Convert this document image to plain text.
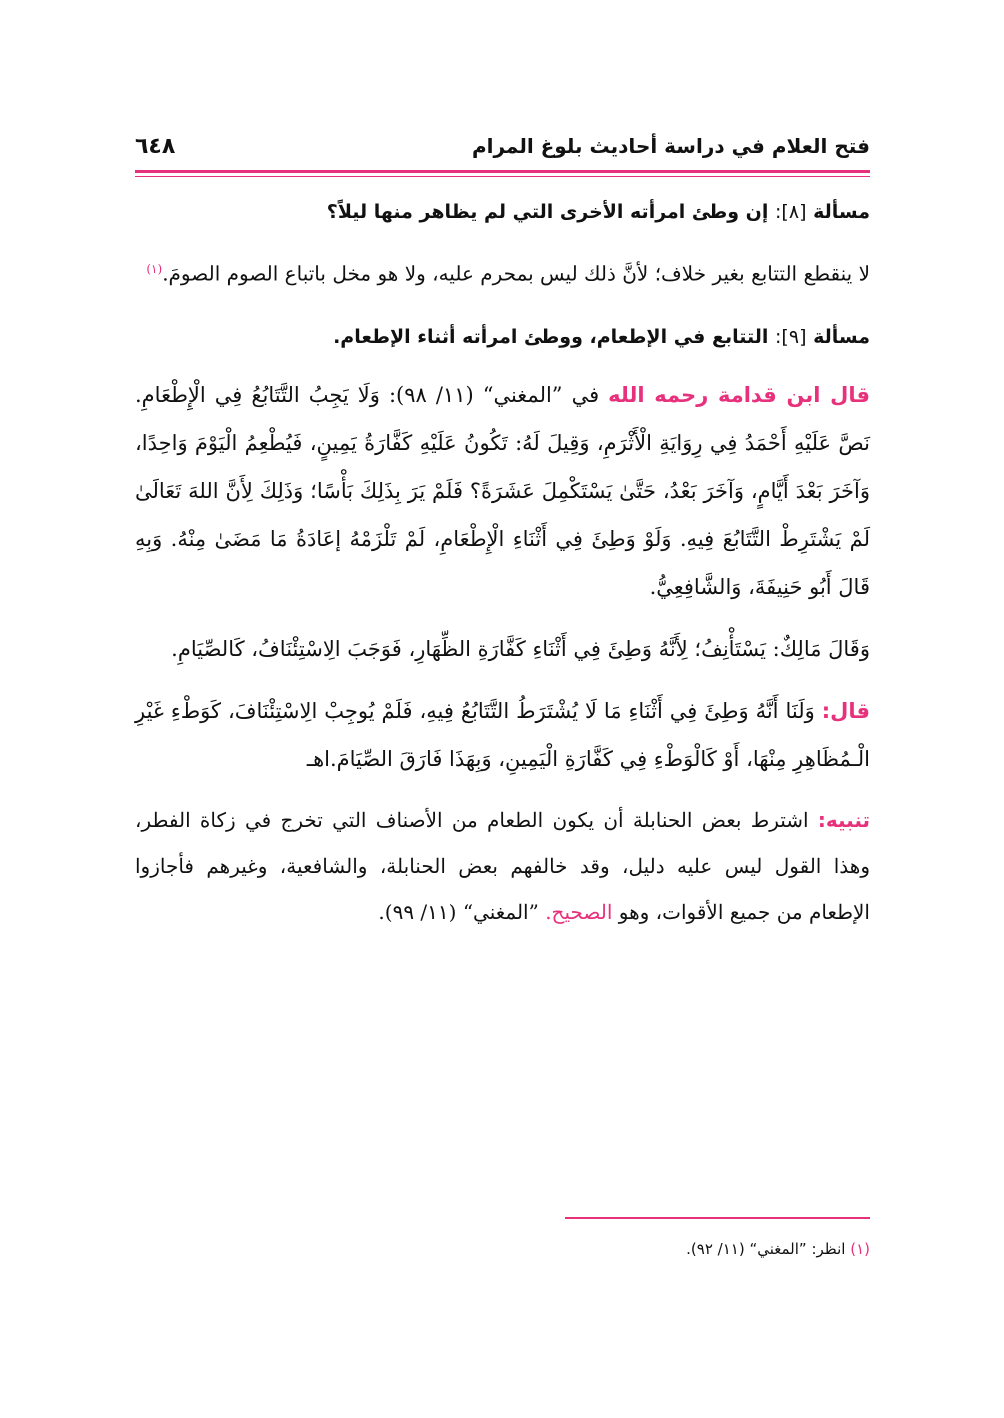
فتح العلام في دراسة أحاديث بلوغ المرام
٦٤٨

مسألة [٨]: إن وطئ امرأته الأخرى التي لم يظاهر منها ليلاً؟

لا ينقطع التتابع بغير خلاف؛ لأنَّ ذلك ليس بمحرم عليه، ولا هو مخل باتباع الصوم الصومَ.$^{(١)}$

مسألة [٩]: التتابع في الإطعام، ووطئ امرأته أثناء الإطعام.

قال ابن قدامة رحمه الله في ”المغني“ (١١/ ٩٨): وَلَا يَجِبُ التَّتَابُعُ فِي الْإِطْعَامِ. نَصَّ عَلَيْهِ أَحْمَدُ فِي رِوَايَةِ الْأَثْرَمِ، وَقِيلَ لَهُ: تَكُونُ عَلَيْهِ كَفَّارَةُ يَمِينٍ، فَيُطْعِمُ الْيَوْمَ وَاحِدًا، وَآخَرَ بَعْدَ أَيَّامٍ، وَآخَرَ بَعْدُ، حَتَّىٰ يَسْتَكْمِلَ عَشَرَةً؟ فَلَمْ يَرَ بِذَلِكَ بَأْسًا؛ وَذَلِكَ لِأَنَّ اللهَ تَعَالَىٰ لَمْ يَشْتَرِطْ التَّتَابُعَ فِيهِ. وَلَوْ وَطِئَ فِي أَثْنَاءِ الْإِطْعَامِ، لَمْ تَلْزَمْهُ إعَادَةُ مَا مَضَىٰ مِنْهُ. وَبِهِ قَالَ أَبُو حَنِيفَةَ، وَالشَّافِعِيُّ.

وَقَالَ مَالِكٌ: يَسْتَأْنِفُ؛ لِأَنَّهُ وَطِئَ فِي أَثْنَاءِ كَفَّارَةِ الظِّهَارِ، فَوَجَبَ الِاسْتِئْنَافُ، كَالصِّيَامِ.

قال: وَلَنَا أَنَّهُ وَطِئَ فِي أَثْنَاءِ مَا لَا يُشْتَرَطُ التَّتَابُعُ فِيهِ، فَلَمْ يُوجِبْ الِاسْتِئْنَافَ، كَوَطْءِ غَيْرِ الْـمُظَاهِرِ مِنْهَا، أَوْ كَالْوَطْءِ فِي كَفَّارَةِ الْيَمِينِ، وَبِهَذَا فَارَقَ الصِّيَامَ.اهـ

تنبيه: اشترط بعض الحنابلة أن يكون الطعام من الأصناف التي تخرج في زكاة الفطر، وهذا القول ليس عليه دليل، وقد خالفهم بعض الحنابلة، والشافعية، وغيرهم فأجازوا الإطعام من جميع الأقوات، وهو الصحيح. ”المغني“ (١١/ ٩٩).

(١) انظر: ”المغني“ (١١/ ٩٢).
